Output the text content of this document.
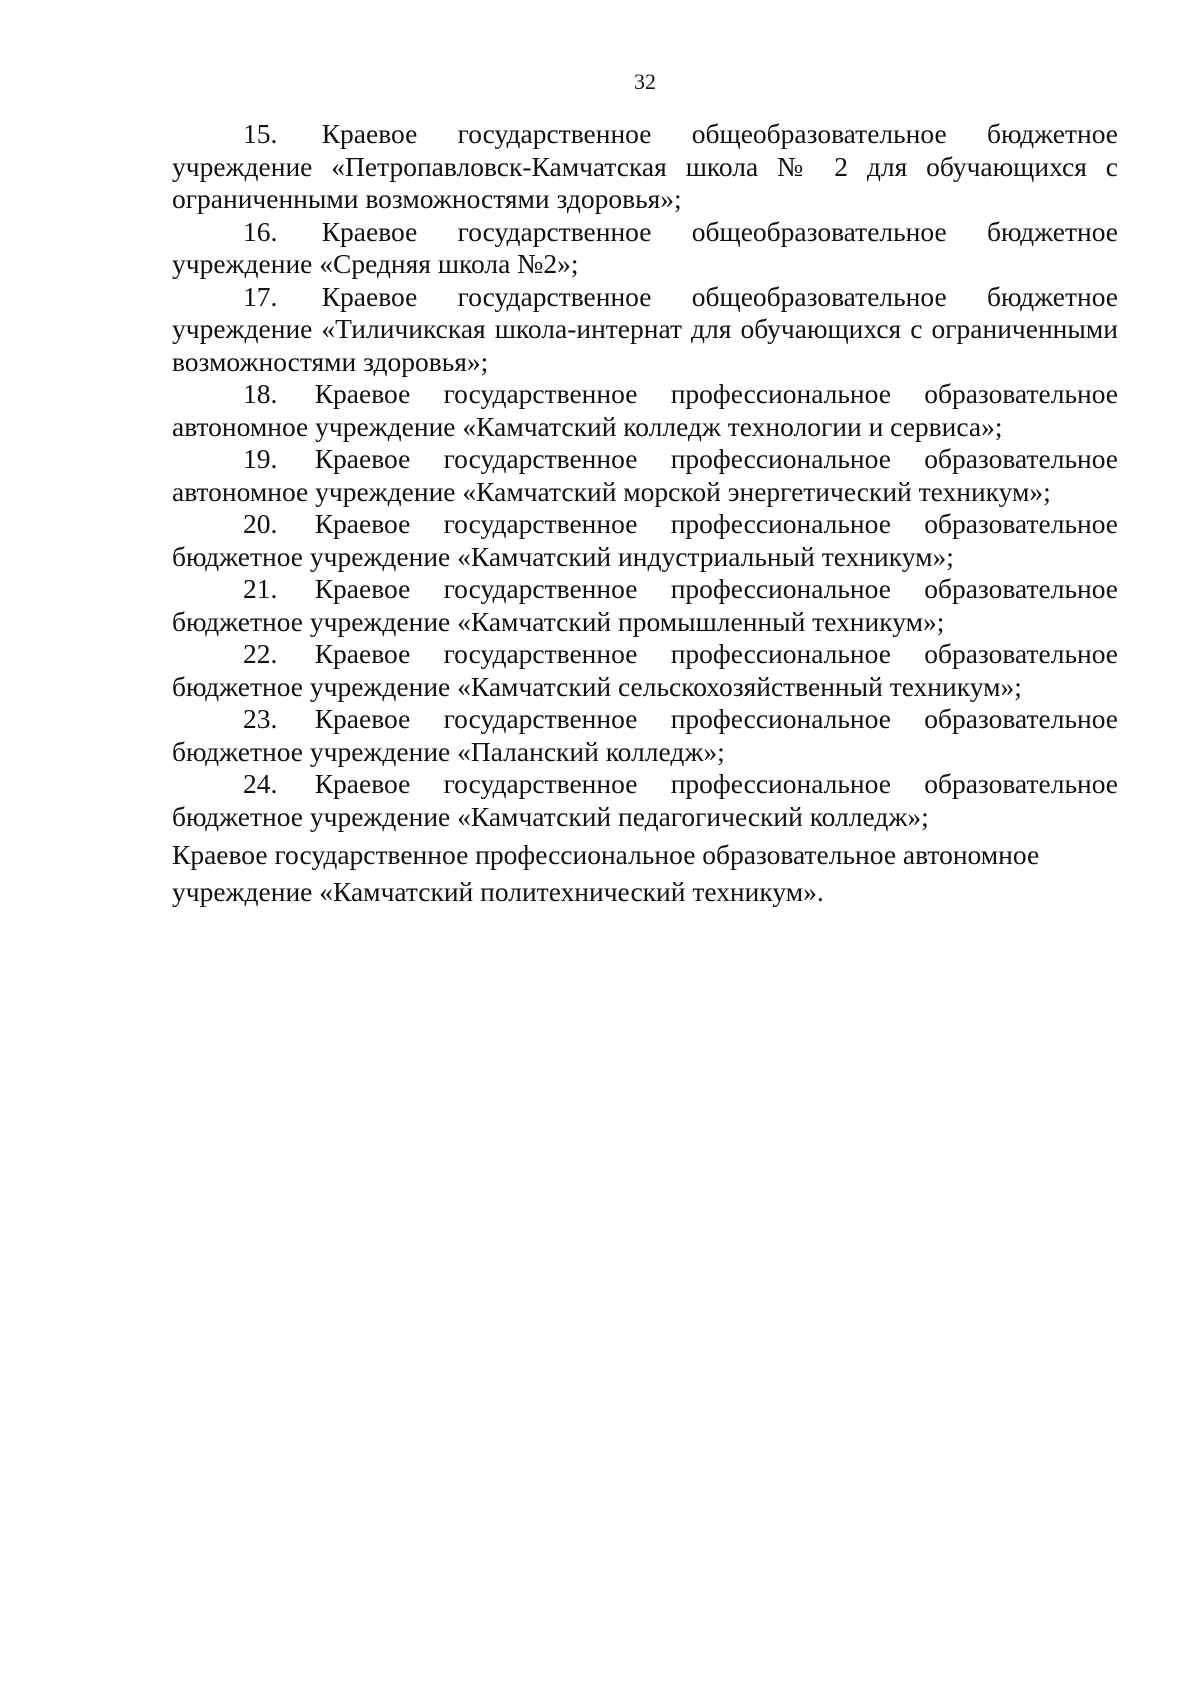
32

15. Краевое государственное общеобразовательное бюджетное учреждение «Петропавловск-Камчатская школа № 2 для обучающихся с ограниченными возможностями здоровья»;

16. Краевое государственное общеобразовательное бюджетное учреждение «Средняя школа №2»;

17. Краевое государственное общеобразовательное бюджетное учреждение «Тиличикская школа-интернат для обучающихся с ограниченными возможностями здоровья»;

18. Краевое государственное профессиональное образовательное автономное учреждение «Камчатский колледж технологии и сервиса»;

19. Краевое государственное профессиональное образовательное автономное учреждение «Камчатский морской энергетический техникум»;

20. Краевое государственное профессиональное образовательное бюджетное учреждение «Камчатский индустриальный техникум»;

21. Краевое государственное профессиональное образовательное бюджетное учреждение «Камчатский промышленный техникум»;

22. Краевое государственное профессиональное образовательное бюджетное учреждение «Камчатский сельскохозяйственный техникум»;

23. Краевое государственное профессиональное образовательное бюджетное учреждение «Паланский колледж»;

24. Краевое государственное профессиональное образовательное бюджетное учреждение «Камчатский педагогический колледж»;

Краевое государственное профессиональное образовательное автономное
учреждение «Камчатский политехнический техникум».
